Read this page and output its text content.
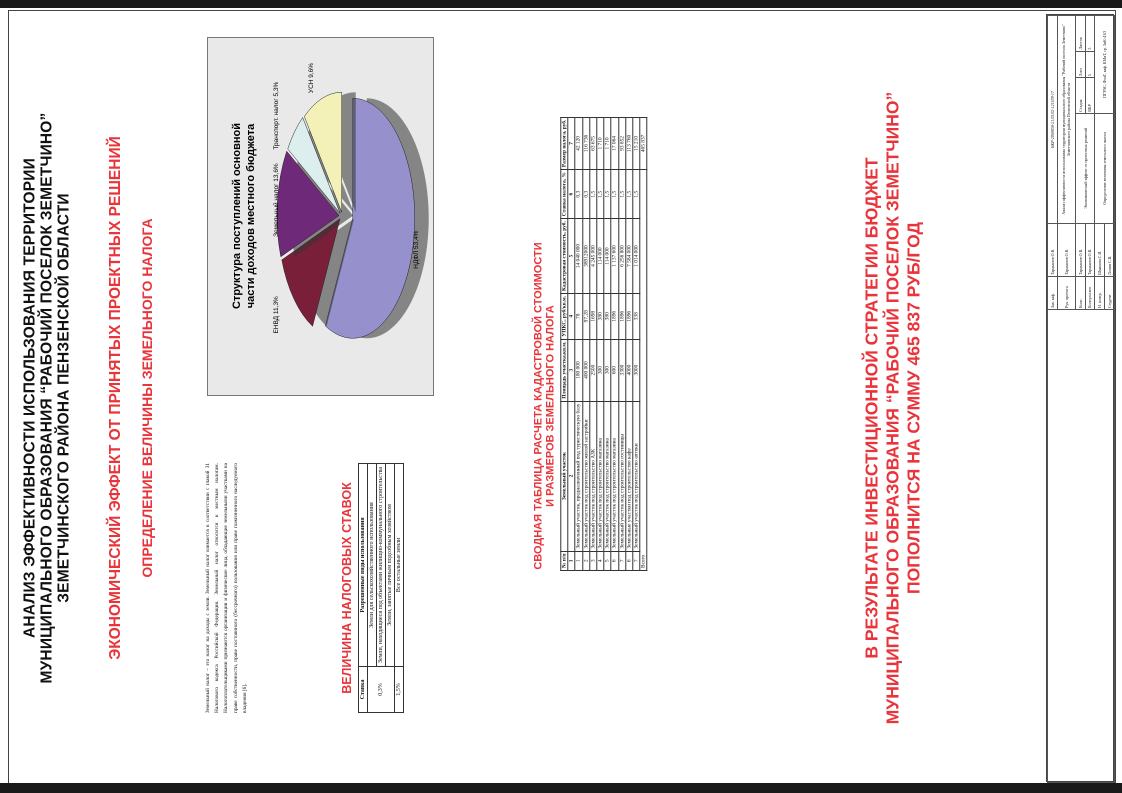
АНАЛИЗ ЭФФЕКТИВНОСТИ ИСПОЛЬЗОВАНИЯ ТЕРРИТОРИИ МУНИЦИПАЛЬНОГО ОБРАЗОВАНИЯ “РАБОЧИЙ ПОСЕЛОК ЗЕМЕТЧИНО” ЗЕМЕТЧИНСКОГО РАЙОНА ПЕНЗЕНСКОЙ ОБЛАСТИ ЭКОНОМИЧЕСКИЙ ЭФФЕКТ ОТ ПРИНЯТЫХ ПРОЕКТНЫХ РЕШЕНИЙ ОПРЕДЕЛЕНИЕ ВЕЛИЧИНЫ ЗЕМЕЛЬНОГО НАЛОГА
Земельный налог – это налог на доходы с земли. Земельный налог взимается в соответствии с главой 31 Налогового кодекса Российской Федерации. Земельный налог относится к местным налогам. Налогоплательщиками признаются организации и физические лица, обладающие земельными участками на праве собственности, праве постоянного (бессрочного) пользования или праве пожизненного наследуемого владения [6].
ВЕЛИЧИНА НАЛОГОВЫХ СТАВОК Ставка	Разрешенные виды использования
0,3%	Земли для сельскохозяйственного использования
	Земли, находящиеся под объектами жилищно-коммунального строительства
	Земли, занятые личным подсобным хозяйством
1,5%	Все остальные земли
Структура поступлений основной части доходов местного бюджета	НДФЛ 53,4%
ЕНВД 11,3%
Земельный налог 13,6%
Транспорт. налог 5,3%
УСН 9,6%
СВОДНАЯ ТАБЛИЦА РАСЧЕТА КАДАСТРОВОЙ СТОИМОСТИ И РАЗМЕРОВ ЗЕМЕЛЬНОГО НАЛОГА
№ п/п	Земельный участок	Площадь участка,кв.м.	УПКС, руб/кв.м.	Кадастровая стоимость, руб.	Ставка налога, %	Размер налога, руб.
1	2	3	4	5	6	7
1	Земельный участок, предназначенный под туристическую базу	180 000	78	14 040 000	0,3	42 120
2	Земельный участок под строительство жилой застройки	400 000	97,28	38912000	0,3	116 736
3	Земельный участок под строительство АЗК	2500	1698	4 245 000	1,5	63 675
4	Земельный участок под строительство магазина	300	380	114 000	1,5	1 710
5	Земельный участок под строительство магазина	300	380	114 000	1,5	1 710
6	Земельный участок под строительство магазина	600	1896	1 137 600	1,5	17 064
7	Земельный участок под строительство гостиницы	3300	1896	6 256 800	1,5	93 852
6	Земельные участки под строительство кафе	4000	1896	7 584 000	1,5	113 760
7	Земельный участок под строительство аптеки	3000	338	1 014 000	1,5	15 210
Всего						465 837
В РЕЗУЛЬТАТЕ ИНВЕСТИЦИОННОЙ СТРАТЕГИИ БЮДЖЕТ МУНИЦИПАЛЬНОГО ОБРАЗОВАНИЯ “РАБОЧИЙ ПОСЕЛОК ЗЕМЕТЧИНО” ПОПОЛНИТСЯ НА СУММУ 465 837 РУБ/ГОД
		Зав. каф.	Тараканов О.В.	ВКР-2069059-21.03.02-121678-17			
	Рук. проекта	Тараканов О.В.	Анализ эффективности использования территории муниципального образования "Рабочий поселок Земетчино" Земетчинского района Пензенской области			
	Конс.	Тараканов О.В.	Экономический эффект от проектных решений	Стадия	Лист	Листов
	Консультант	Тараканов О.В.		ВКР	5	5
	Н. контр.	Шмакова С.И.	Определение величины земельного налога	ПГУАС, ФзиТ, каф. КМиТ, гр. ЗиК-41/3		
	Студент	Лопин С.В.				
